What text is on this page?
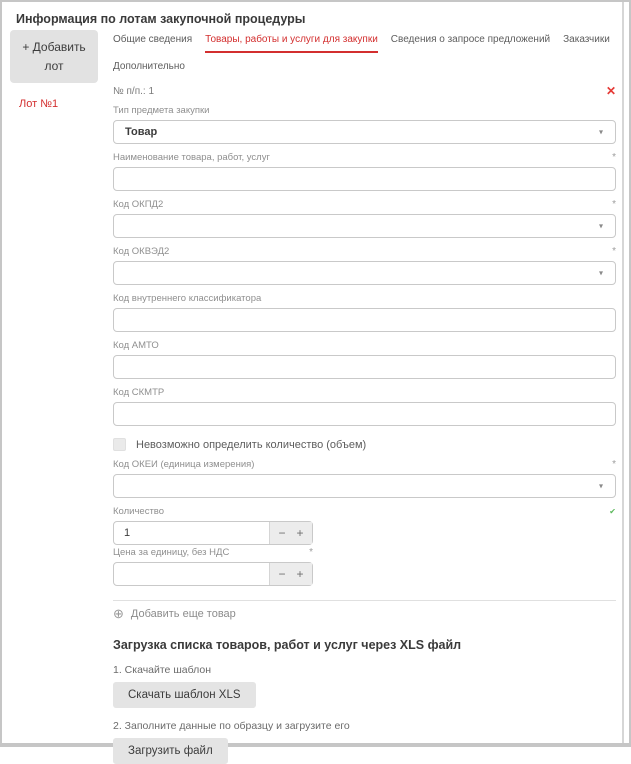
Информация по лотам закупочной процедуры
+ Добавить лот
Лот №1
Общие сведения Товары, работы и услуги для закупки Сведения о запросе предложений Заказчики
Дополнительно
№ п/п.: 1	✕
Тип предмета закупки
Товар	▾
Наименование товара, работ, услуг	*
Код ОКПД2	*
▾
Код ОКВЭД2	*
▾
Код внутреннего классификатора
Код АМТО
Код СКМТР
Невозможно определить количество (объем)
Код ОКЕИ (единица измерения)	*
▾
Количество	✔
1
− +
Цена за единицу, без НДС	*
− +
⊕ Добавить еще товар
Загрузка списка товаров, работ и услуг через XLS файл
1. Скачайте шаблон
Скачать шаблон XLS
2. Заполните данные по образцу и загрузите его
Загрузить файл
